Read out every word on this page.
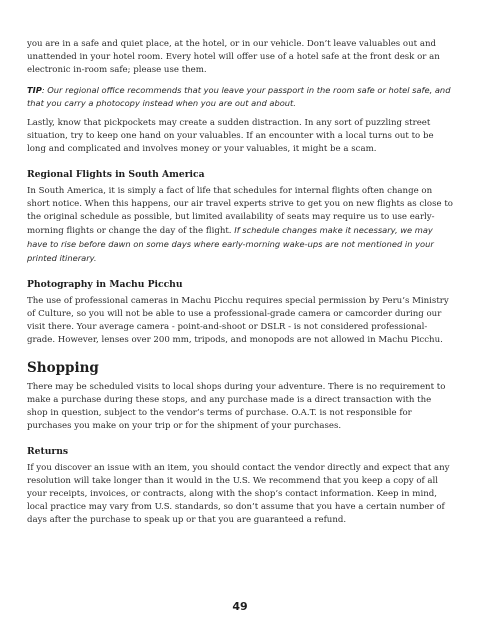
you are in a safe and quiet place, at the hotel, or in our vehicle. Don’t leave valuables out and unattended in your hotel room. Every hotel will offer use of a hotel safe at the front desk or an electronic in-room safe; please use them.

TIP: Our regional office recommends that you leave your passport in the room safe or hotel safe, and that you carry a photocopy instead when you are out and about.

Lastly, know that pickpockets may create a sudden distraction. In any sort of puzzling street situation, try to keep one hand on your valuables. If an encounter with a local turns out to be long and complicated and involves money or your valuables, it might be a scam.

Regional Flights in South America

In South America, it is simply a fact of life that schedules for internal flights often change on short notice. When this happens, our air travel experts strive to get you on new flights as close to the original schedule as possible, but limited availability of seats may require us to use early-morning flights or change the day of the flight. If schedule changes make it necessary, we may have to rise before dawn on some days where early-morning wake-ups are not mentioned in your printed itinerary.

Photography in Machu Picchu

The use of professional cameras in Machu Picchu requires special permission by Peru’s Ministry of Culture, so you will not be able to use a professional-grade camera or camcorder during our visit there. Your average camera - point-and-shoot or DSLR - is not considered professional-grade. However, lenses over 200 mm, tripods, and monopods are not allowed in Machu Picchu.

Shopping

There may be scheduled visits to local shops during your adventure. There is no requirement to make a purchase during these stops, and any purchase made is a direct transaction with the shop in question, subject to the vendor’s terms of purchase. O.A.T. is not responsible for purchases you make on your trip or for the shipment of your purchases.

Returns

If you discover an issue with an item, you should contact the vendor directly and expect that any resolution will take longer than it would in the U.S. We recommend that you keep a copy of all your receipts, invoices, or contracts, along with the shop’s contact information. Keep in mind, local practice may vary from U.S. standards, so don’t assume that you have a certain number of days after the purchase to speak up or that you are guaranteed a refund.

49
